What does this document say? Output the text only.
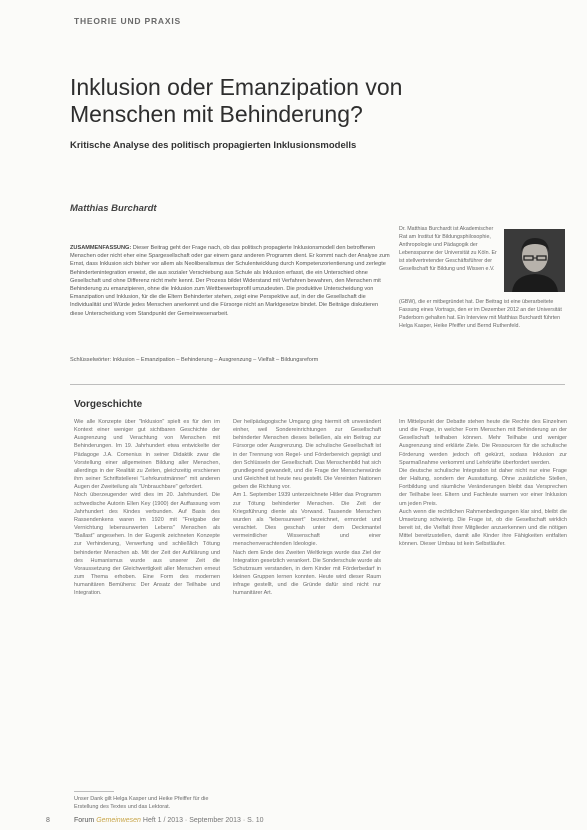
THEORIE UND PRAXIS
Inklusion oder Emanzipation von Menschen mit Behinderung?
Kritische Analyse des politisch propagierten Inklusionsmodells
Matthias Burchardt
Dr. Matthias Burchardt ist Akademischer Rat am Institut für Bildungsphilosophie, Anthropologie und Pädagogik der Lebensspanne der Universität zu Köln. Er ist stellvertretender Geschäftsführer der Gesellschaft für Bildung und Wissen e.V.
(GBW), die er mitbegründet hat. Der Beitrag ist eine überarbeitete Fassung eines Vortrags, den er im Dezember 2012 an der Universität Paderborn gehalten hat. Ein Interview mit Matthias Burchardt führten Helga Kasper, Heike Pfeiffer und Bernd Ruthenfeld.
ZUSAMMENFASSUNG: Dieser Beitrag geht der Frage nach, ob das politisch propagierte Inklusionsmodell den betroffenen Menschen oder nicht eher eine Spargesellschaft oder gar einem ganz anderen Programm dient. Er kommt nach der Analyse zum Ernst, dass Inklusion sich bisher vor allem als Neoliberalismus der Schulentwicklung durch Kompetenzorientierung und zerlegte Behindertenintegration erweist, die aus sozialer Verschiebung aus Schule als Inklusion erfasst, die ein Unterschied ohne Gesellschaft und ohne Differenz nicht mehr kennt. Der Prozess bildet Widerstand mit Verfahren bewahren, den Menschen mit Behinderung zu emanzipieren, ohne die Inklusion zum Wettbewerbsprofil umzudeuten. Die produktive Unterscheidung von Emanzipation und Inklusion, für die die Eltern Behinderter stehen, zeigt eine Perspektive auf, in der die Gesellschaft die Individualität und Würde jedes Menschen anerkennt und die Fürsorge nicht an Marktgesetze bindet. Die Beiträge diskutieren diese Unterscheidung vom Standpunkt der Gemeinwesenarbeit.
Schlüsselwörter: Inklusion – Emanzipation – Behinderung – Ausgrenzung – Vielfalt – Bildungsreform
Vorgeschichte

Wie alle Konzepte über "Inklusion" spielt es für den im Kontext einer weniger gut sichtbaren Geschichte der Ausgrenzung und Verachtung von Menschen mit Behinderungen. Im 19. Jahrhundert etwa entwickelte der Pädagoge J.A. Comenius in seiner Didaktik zwar die Vorstellung einer allgemeinen Bildung aller Menschen, allerdings in der Realität zu Zeiten, gleichzeitig erschienen ihm seiner Schriftstellerei "Lehrkunstmänner" mit anderen Augen der Zweiteilung als "Unbrauchbare" gefordert.

Noch überzeugender wird dies im 20. Jahrhundert. Die schwedische Autorin Ellen Key (1900) der Auffassung vom Jahrhundert des Kindes verbunden. Auf Basis des Rassendenkens waren im 1920 mit "Freigabe der Vernichtung lebensunwerten Lebens" Menschen als "Ballast" angesehen. In der Eugenik zeichneten Konzepte zur Verhinderung, Verwerfung und schließlich Tötung behinderter Menschen ab. Mit der Zeit der Aufklärung und des Humanismus wurde aus unserer Zeit die Voraussetzung der Gleichwertigkeit aller Menschen erneut zum Thema erhoben. Eine Form des modernen humanitären Bemühens: Der Ansatz der Teilhabe und Integration.

Der heilpädagogische Umgang ging hiermit oft unverändert einher, weil Sondereinrichtungen zur Gesellschaft behinderter Menschen dieses beließen, als ein Beitrag zur Fürsorge oder Ausgrenzung. Die schulische Gesellschaft ist in der Trennung von Regel- und Förderbereich geprägt und den Schlüsseln der Gesellschaft. Das Menschenbild hat sich grundlegend gewandelt, und die Frage der Menschenwürde und Gleichheit ist heute neu gestellt. Die Vereinten Nationen geben die Richtung vor.

Am 1. September 1939 unterzeichnete Hitler das Programm zur Tötung behinderter Menschen. Die Zeit der Kriegsführung diente als Vorwand. Tausende Menschen wurden als "lebensunwert" bezeichnet, ermordet und verachtet. Dies geschah unter dem Deckmantel vermeintlicher Wissenschaft und einer menschenverachtenden Ideologie.

Nach dem Ende des Zweiten Weltkriegs wurde das Ziel der Integration gesetzlich verankert. Die Sonderschule wurde als Schutzraum verstanden, in dem Kinder mit Förderbedarf in kleinen Gruppen lernen konnten. Heute wird dieser Raum infrage gestellt, und die Gründe dafür sind nicht nur humanitärer Art.

Im Mittelpunkt der Debatte stehen heute die Rechte des Einzelnen und die Frage, in welcher Form Menschen mit Behinderung an der Gesellschaft teilhaben können. Mehr Teilhabe und weniger Ausgrenzung sind erklärte Ziele. Die Ressourcen für die schulische Förderung werden jedoch oft gekürzt, sodass Inklusion zur Sparmaßnahme verkommt und Lehrkräfte überfordert werden.

Die deutsche schulische Integration ist daher nicht nur eine Frage der Haltung, sondern der Ausstattung. Ohne zusätzliche Stellen, Fortbildung und räumliche Veränderungen bleibt das Versprechen der Teilhabe leer. Eltern und Fachleute warnen vor einer Inklusion um jeden Preis.

Auch wenn die rechtlichen Rahmenbedingungen klar sind, bleibt die Umsetzung schwierig. Die Frage ist, ob die Gesellschaft wirklich bereit ist, die Vielfalt ihrer Mitglieder anzuerkennen und die nötigen Mittel bereitzustellen, damit alle Kinder ihre Fähigkeiten entfalten können. Dieser Umbau ist kein Selbstläufer.

Unser Dank gilt Helga Kasper und Heike Pfeiffer für die Erstellung des Textes und das Lektorat.
8	Forum Gemeinwesen Heft 1 / 2013 · September 2013 · S. 10
